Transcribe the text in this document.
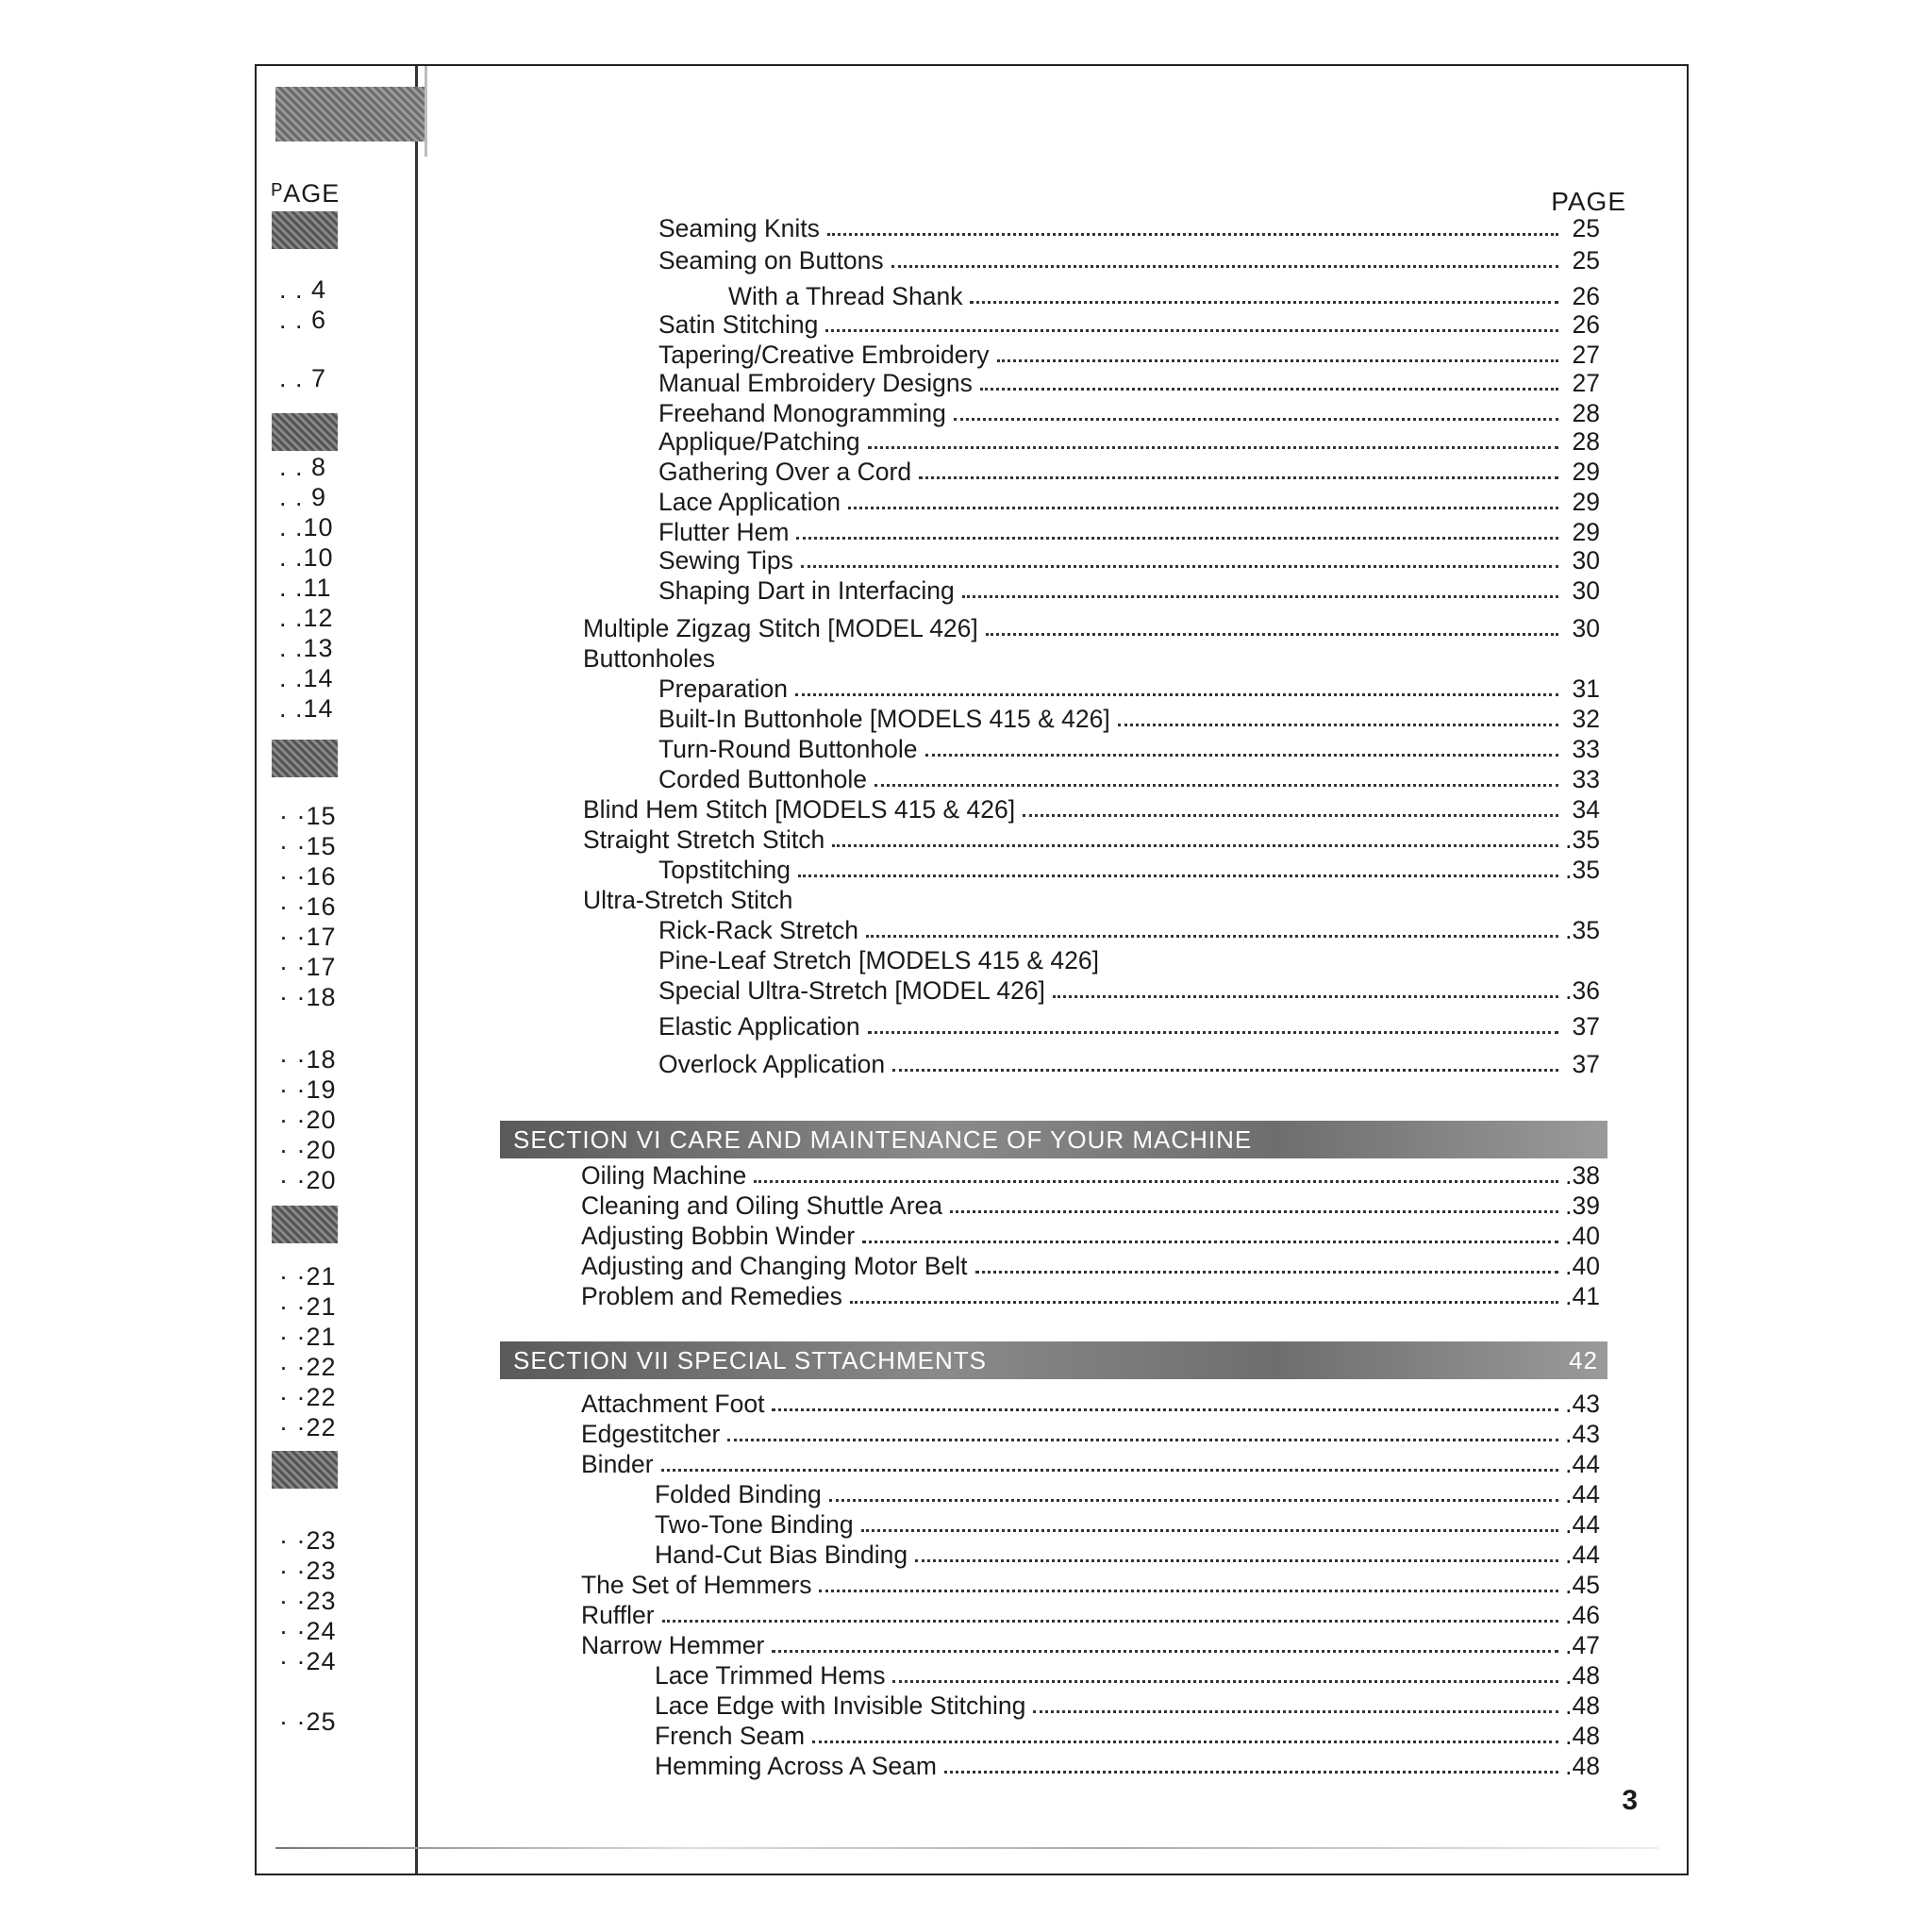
ᴾAGE
. . 4
. . 6
. . 7
. . 8
. . 9
. .10
. .10
. .11
. .12
. .13
. .14
. .14
· ·15
· ·15
· ·16
· ·16
· ·17
· ·17
· ·18
· ·18
· ·19
· ·20
· ·20
· ·20
· ·21
· ·21
· ·21
· ·22
· ·22
· ·22
· ·23
· ·23
· ·23
· ·24
· ·24
· ·25
PAGE
Seaming Knits	25
Seaming on Buttons	25
With a Thread Shank	26
Satin Stitching	26
Tapering/Creative Embroidery	27
Manual Embroidery Designs	27
Freehand Monogramming	28
Applique/Patching	28
Gathering Over a Cord	29
Lace Application	29
Flutter Hem	29
Sewing Tips	30
Shaping Dart in Interfacing	30
Multiple Zigzag Stitch [MODEL 426]	30
Buttonholes
Preparation	31
Built-In Buttonhole [MODELS 415 & 426]	32
Turn-Round Buttonhole	33
Corded Buttonhole	33
Blind Hem Stitch [MODELS 415 & 426]	34
Straight Stretch Stitch	.35
Topstitching	.35
Ultra-Stretch Stitch
Rick-Rack Stretch	.35
Pine-Leaf Stretch [MODELS 415 & 426]
Special Ultra-Stretch [MODEL 426]	.36
Elastic Application	37
Overlock Application	37
SECTION VI CARE AND MAINTENANCE OF YOUR MACHINE
Oiling Machine	.38
Cleaning and Oiling Shuttle Area	.39
Adjusting Bobbin Winder	.40
Adjusting and Changing Motor Belt	.40
Problem and Remedies	.41
SECTION VII SPECIAL STTACHMENTS	42
Attachment Foot	.43
Edgestitcher	.43
Binder	.44
Folded Binding	.44
Two-Tone Binding	.44
Hand-Cut Bias Binding	.44
The Set of Hemmers	.45
Ruffler	.46
Narrow Hemmer	.47
Lace Trimmed Hems	.48
Lace Edge with Invisible Stitching	.48
French Seam	.48
Hemming Across A Seam	.48
3
